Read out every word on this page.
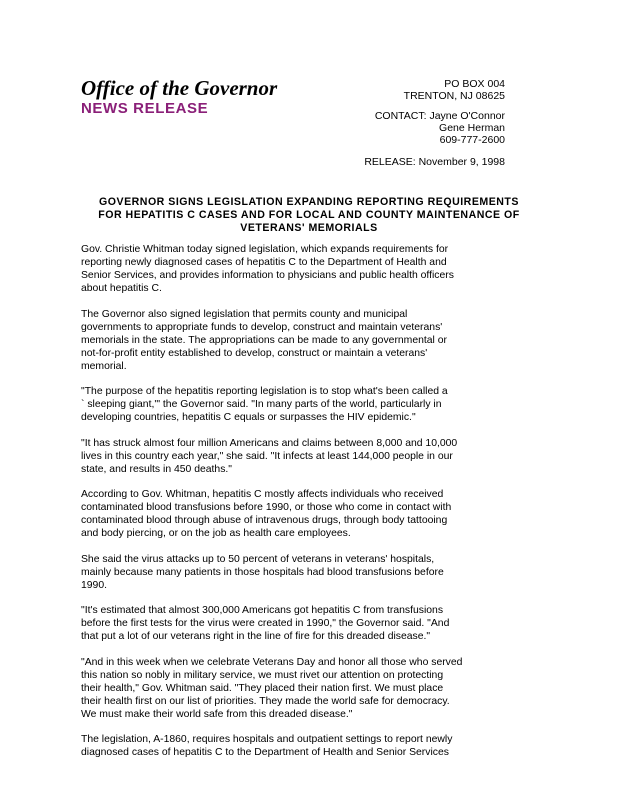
Office of the Governor
NEWS RELEASE
PO BOX 004
TRENTON, NJ 08625
CONTACT: Jayne O'Connor
Gene Herman
609-777-2600
RELEASE: November 9, 1998
GOVERNOR SIGNS LEGISLATION EXPANDING REPORTING REQUIREMENTS
FOR HEPATITIS C CASES AND FOR LOCAL AND COUNTY MAINTENANCE OF
VETERANS' MEMORIALS
Gov. Christie Whitman today signed legislation, which expands requirements for
reporting newly diagnosed cases of hepatitis C to the Department of Health and
Senior Services, and provides information to physicians and public health officers
about hepatitis C.
The Governor also signed legislation that permits county and municipal
governments to appropriate funds to develop, construct and maintain veterans'
memorials in the state. The appropriations can be made to any governmental or
not-for-profit entity established to develop, construct or maintain a veterans'
memorial.
"The purpose of the hepatitis reporting legislation is to stop what's been called a
` sleeping giant,'" the Governor said. "In many parts of the world, particularly in
developing countries, hepatitis C equals or surpasses the HIV epidemic."
"It has struck almost four million Americans and claims between 8,000 and 10,000
lives in this country each year," she said. "It infects at least 144,000 people in our
state, and results in 450 deaths."
According to Gov. Whitman, hepatitis C mostly affects individuals who received
contaminated blood transfusions before 1990, or those who come in contact with
contaminated blood through abuse of intravenous drugs, through body tattooing
and body piercing, or on the job as health care employees.
She said the virus attacks up to 50 percent of veterans in veterans' hospitals,
mainly because many patients in those hospitals had blood transfusions before
1990.
"It's estimated that almost 300,000 Americans got hepatitis C from transfusions
before the first tests for the virus were created in 1990," the Governor said. "And
that put a lot of our veterans right in the line of fire for this dreaded disease."
"And in this week when we celebrate Veterans Day and honor all those who served
this nation so nobly in military service, we must rivet our attention on protecting
their health," Gov. Whitman said. "They placed their nation first. We must place
their health first on our list of priorities. They made the world safe for democracy.
We must make their world safe from this dreaded disease."
The legislation, A-1860, requires hospitals and outpatient settings to report newly
diagnosed cases of hepatitis C to the Department of Health and Senior Services
